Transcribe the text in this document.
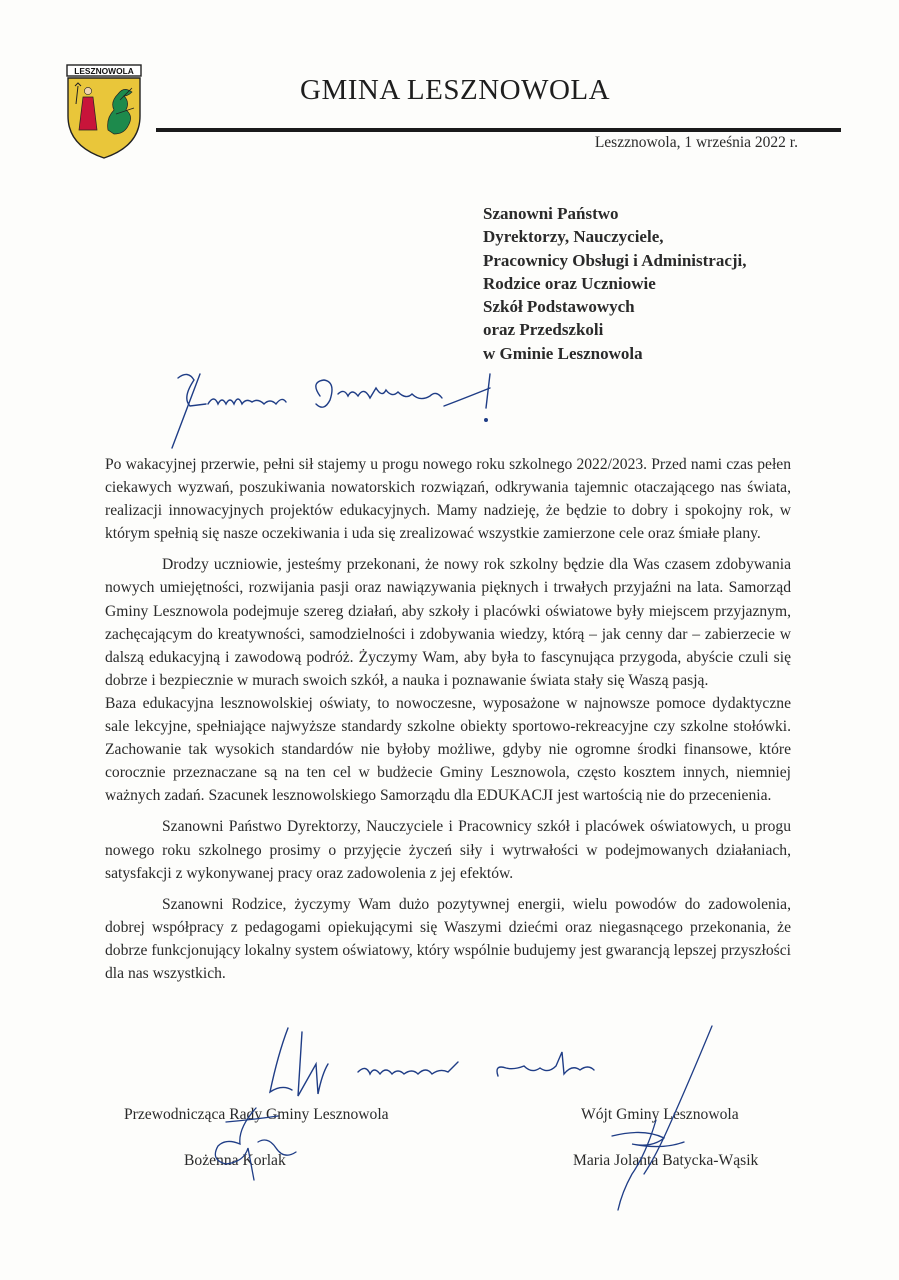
LESZNOWOLA
GMINA LESZNOWOLA
Leszznowola, 1 września 2022 r.
Szanowni Państwo
Dyrektorzy, Nauczyciele,
Pracownicy Obsługi i Administracji,
Rodzice oraz Uczniowie
Szkół Podstawowych
oraz Przedszkoli
w Gminie Lesznowola

Po wakacyjnej przerwie, pełni sił stajemy u progu nowego roku szkolnego 2022/2023. Przed nami czas pełen ciekawych wyzwań, poszukiwania nowatorskich rozwiązań, odkrywania tajemnic otaczającego nas świata, realizacji innowacyjnych projektów edukacyjnych. Mamy nadzieję, że będzie to dobry i spokojny rok, w którym spełnią się nasze oczekiwania i uda się zrealizować wszystkie zamierzone cele oraz śmiałe plany.

Drodzy uczniowie, jesteśmy przekonani, że nowy rok szkolny będzie dla Was czasem zdobywania nowych umiejętności, rozwijania pasji oraz nawiązywania pięknych i trwałych przyjaźni na lata. Samorząd Gminy Lesznowola podejmuje szereg działań, aby szkoły i placówki oświatowe były miejscem przyjaznym, zachęcającym do kreatywności, samodzielności i zdobywania wiedzy, którą – jak cenny dar – zabierzecie w dalszą edukacyjną i zawodową podróż. Życzymy Wam, aby była to fascynująca przygoda, abyście czuli się dobrze i bezpiecznie w murach swoich szkół, a nauka i poznawanie świata stały się Waszą pasją.

Baza edukacyjna lesznowolskiej oświaty, to nowoczesne, wyposażone w najnowsze pomoce dydaktyczne sale lekcyjne, spełniające najwyższe standardy szkolne obiekty sportowo-rekreacyjne czy szkolne stołówki. Zachowanie tak wysokich standardów nie byłoby możliwe, gdyby nie ogromne środki finansowe, które corocznie przeznaczane są na ten cel w budżecie Gminy Lesznowola, często kosztem innych, niemniej ważnych zadań. Szacunek lesznowolskiego Samorządu dla EDUKACJI jest wartością nie do przecenienia.

Szanowni Państwo Dyrektorzy, Nauczyciele i Pracownicy szkół i placówek oświatowych, u progu nowego roku szkolnego prosimy o przyjęcie życzeń siły i wytrwałości w podejmowanych działaniach, satysfakcji z wykonywanej pracy oraz zadowolenia z jej efektów.

Szanowni Rodzice, życzymy Wam dużo pozytywnej energii, wielu powodów do zadowolenia, dobrej współpracy z pedagogami opiekującymi się Waszymi dziećmi oraz niegasnącego przekonania, że dobrze funkcjonujący lokalny system oświatowy, który wspólnie budujemy jest gwarancją lepszej przyszłości dla nas wszystkich.

Przewodnicząca Rady Gminy Lesznowola
Bożenna Korlak
Wójt Gminy Lesznowola
Maria Jolanta Batycka-Wąsik
